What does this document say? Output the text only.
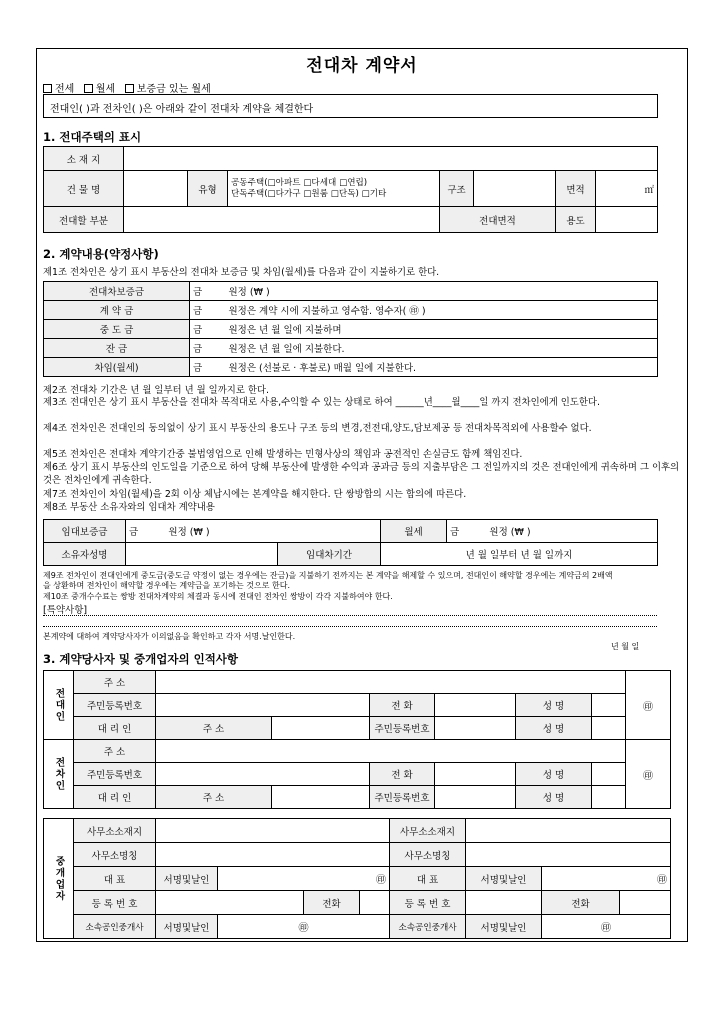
전대차 계약서
전세 월세 보증금 있는 월세
전대인( )과 전차인( )은 아래와 같이 전대차 계약을 체결한다
1. 전대주택의 표시
소 재 지							
건 물 명		유형	공동주택(□아파트 □다세대 □연립)
단독주택(□다가구 □원룸 □단독) □기타	구조		면적	㎡
전대할 부분				전대면적		용도	
2. 계약내용(약정사항)
제1조 전차인은 상기 표시 부동산의 전대차 보증금 및 차임(월세)를 다음과 같이 지불하기로 한다.
전대차보증금	금	원정 (₩ )
계 약 금	금	원정은 계약 시에 지불하고 영수함. 영수자( ㊞ )
중 도 금	금	원정은 년 월 일에 지불하며
잔 금	금	원정은 년 월 일에 지불한다.
차임(월세)	금	원정은 (선불로 · 후불로) 매월 일에 지불한다.
제2조 전대차 기간은 년 월 일부터 년 월 일까지로 한다.
제3조 전대인은 상기 표시 부동산을 전대차 목적대로 사용,수익할 수 있는 상태로 하여 ______년____월____일 까지 전차인에게 인도한다.
제4조 전차인은 전대인의 동의없이 상기 표시 부동산의 용도나 구조 등의 변경,전전대,양도,담보제공 등 전대차목적외에 사용할수 없다.
제5조 전차인은 전대차 계약기간중 불법영업으로 인해 발생하는 민형사상의 책임과 공전적인 손실금도 함께 책임진다.
제6조 상기 표시 부동산의 인도일을 기준으로 하여 당해 부동산에 발생한 수익과 공과금 등의 지출부담은 그 전일까지의 것은 전대인에게 귀속하며 그 이후의 것은 전차인에게 귀속한다.
제7조 전차인이 차임(월세)을 2회 이상 체납시에는 본계약을 해지한다. 단 쌍방합의 시는 합의에 따른다.
제8조 부동산 소유자와의 임대차 계약내용
임대보증금	금 원정 (₩ )		월세	금 원정 (₩ )
소유자성명		임대차기간	년 월 일부터 년 월 일까지	
제9조 전차인이 전대인에게 중도금(중도금 약정이 없는 경우에는 잔금)을 지불하기 전까지는 본 계약을 해제할 수 있으며, 전대인이 해약할 경우에는 계약금의 2배액
을 상환하며 전차인이 해약할 경우에는 계약금을 포기하는 것으로 한다.
제10조 중개수수료는 쌍방 전대차계약의 체결과 동시에 전대인 전차인 쌍방이 각각 지불하여야 한다.
[특약사항]
본계약에 대하여 계약당사자가 이의없음을 확인하고 각자 서명.날인한다.
년 월 일
3. 계약당사자 및 중개업자의 인적사항
전대인	주 소							㊞
	주민등록번호			전 화		성 명		
	대 리 인	주 소		주민등록번호		성 명		
전차인	주 소							㊞
	주민등록번호			전 화		성 명		
	대 리 인	주 소		주민등록번호		성 명		
중개업자	사무소소재지					사무소소재지			
	사무소명칭					사무소명칭			
	대 표	서명및날인	㊞			대 표	서명및날인	㊞	
	등 록 번 호			전화		등 록 번 호		전화	
	소속공인중개사	서명및날인	㊞			소속공인중개사	서명및날인	㊞	
